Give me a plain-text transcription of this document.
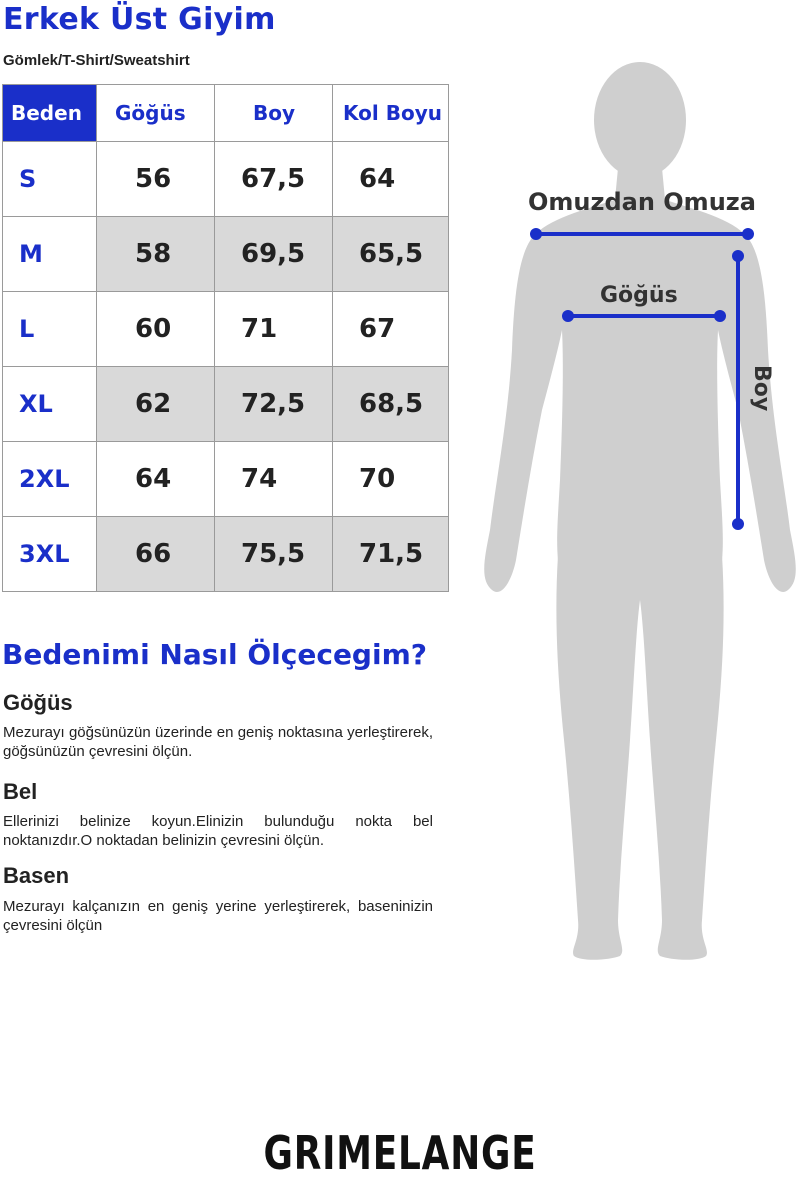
Erkek Üst Giyim
Gömlek/T-Shirt/Sweatshirt
Beden	Göğüs	Boy	Kol Boyu
S	56	67,5	64
M	58	69,5	65,5
L	60	71	67
XL	62	72,5	68,5
2XL	64	74	70
3XL	66	75,5	71,5
Bedenimi Nasıl Ölçecegim?
Göğüs
Mezurayı göğsünüzün üzerinde en geniş noktasına yerleştirerek, göğsünüzün çevresini ölçün.
Bel
Ellerinizi belinize koyun.Elinizin bulunduğu nokta bel noktanızdır.O noktadan belinizin çevresini ölçün.
Basen
Mezurayı kalçanızın en geniş yerine yerleştirerek, baseninizin çevresini ölçün
Omuzdan Omuza
Göğüs
Boy
GRIMELANGE
